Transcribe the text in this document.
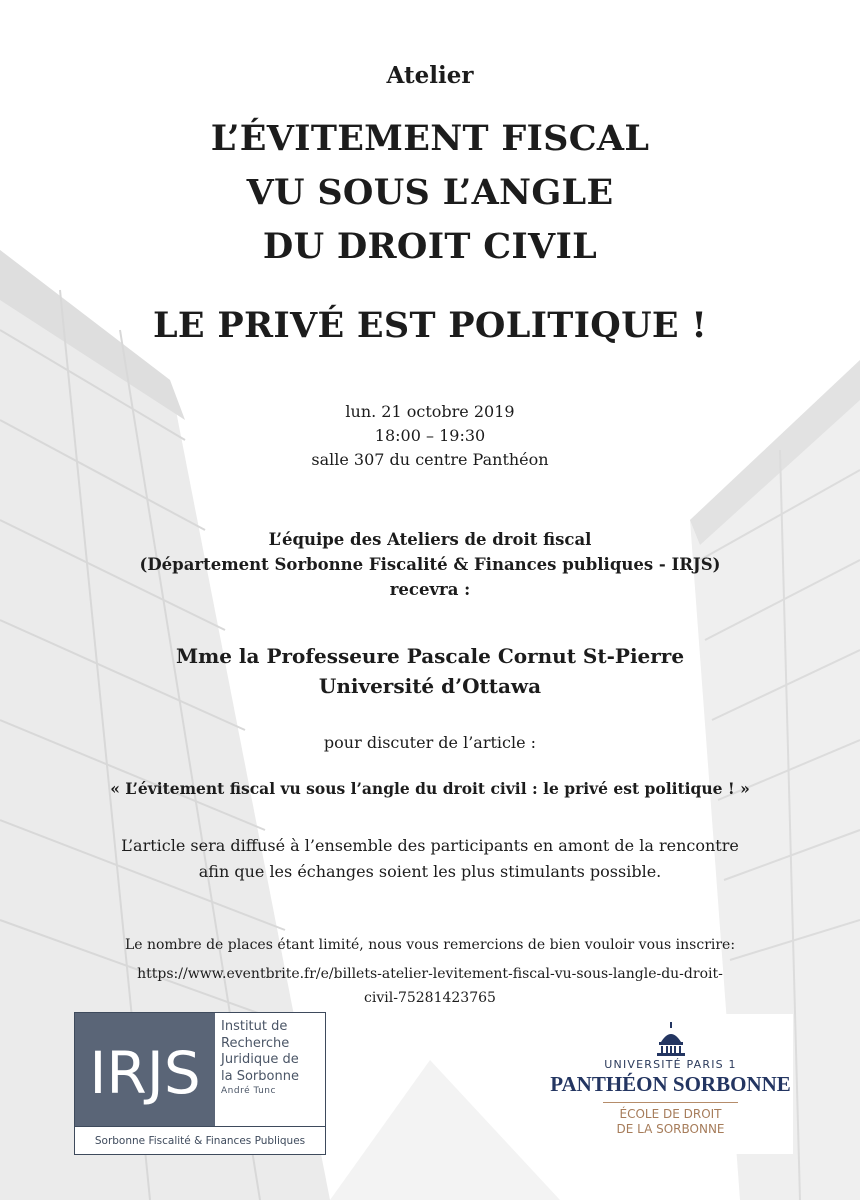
Atelier
L’ÉVITEMENT FISCAL
VU SOUS L’ANGLE
DU DROIT CIVIL
LE PRIVÉ EST POLITIQUE !
lun. 21 octobre 2019
18:00 – 19:30
salle 307 du centre Panthéon
L’équipe des Ateliers de droit fiscal
(Département Sorbonne Fiscalité & Finances publiques - IRJS)
recevra :
Mme la Professeure Pascale Cornut St-Pierre
Université d’Ottawa
pour discuter de l’article :
« L’évitement fiscal vu sous l’angle du droit civil : le privé est politique ! »
L’article sera diffusé à l’ensemble des participants en amont de la rencontre
afin que les échanges soient les plus stimulants possible.
Le nombre de places étant limité, nous vous remercions de bien vouloir vous inscrire:
https://www.eventbrite.fr/e/billets-atelier-levitement-fiscal-vu-sous-langle-du-droit-
civil-75281423765
IRJS
Institut de
Recherche
Juridique de
la Sorbonne
André Tunc
Sorbonne Fiscalité & Finances Publiques
UNIVERSITÉ PARIS 1
PANTHÉON SORBONNE
ÉCOLE DE DROIT
DE LA SORBONNE
